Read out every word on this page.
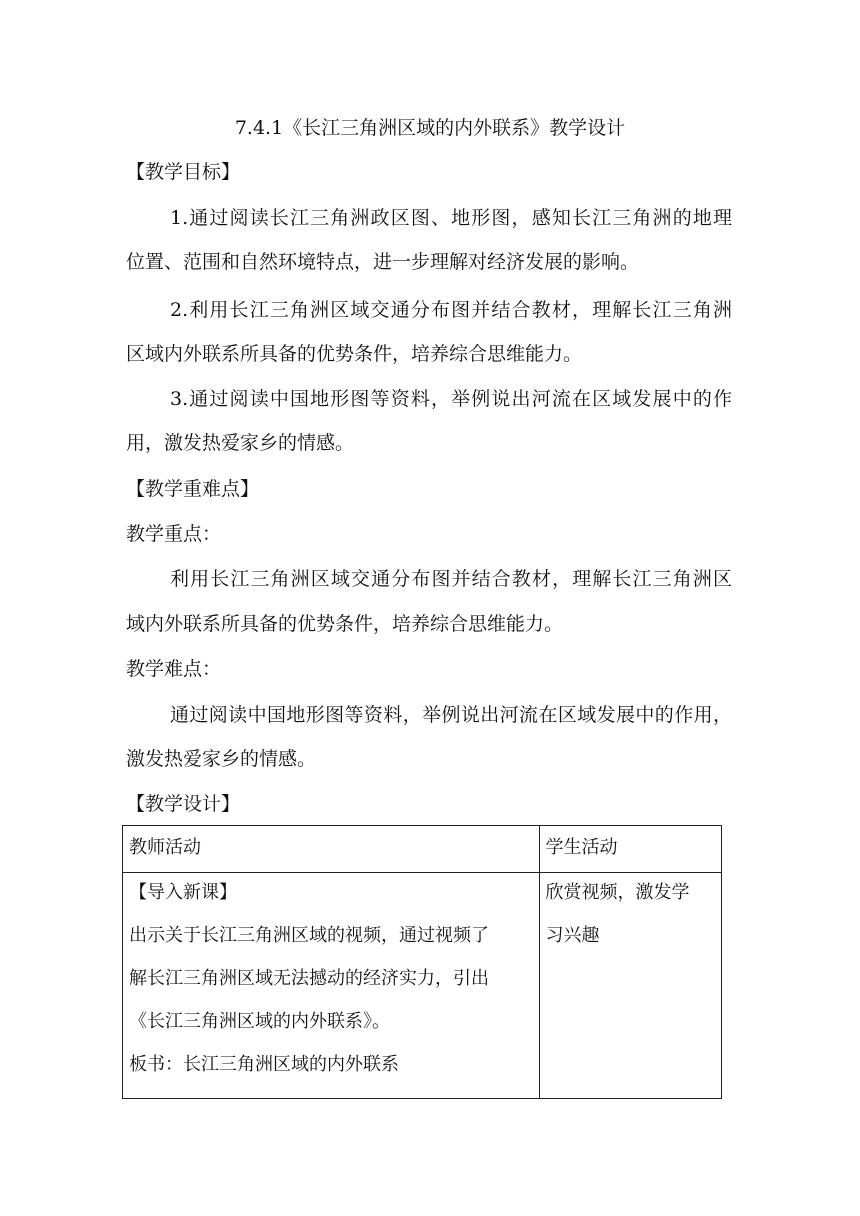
7.4.1《长江三角洲区域的内外联系》教学设计
【教学目标】
1.通过阅读长江三角洲政区图、地形图，感知长江三角洲的地理
位置、范围和自然环境特点，进一步理解对经济发展的影响。
2.利用长江三角洲区域交通分布图并结合教材，理解长江三角洲
区域内外联系所具备的优势条件，培养综合思维能力。
3.通过阅读中国地形图等资料，举例说出河流在区域发展中的作
用，激发热爱家乡的情感。
【教学重难点】
教学重点：
利用长江三角洲区域交通分布图并结合教材，理解长江三角洲区
域内外联系所具备的优势条件，培养综合思维能力。
教学难点：
通过阅读中国地形图等资料，举例说出河流在区域发展中的作用，
激发热爱家乡的情感。
【教学设计】
教师活动	学生活动

【导入新课】
出示关于长江三角洲区域的视频，通过视频了
解长江三角洲区域无法撼动的经济实力，引出
《长江三角洲区域的内外联系》。
板书：长江三角洲区域的内外联系	欣赏视频，激发学
习兴趣
